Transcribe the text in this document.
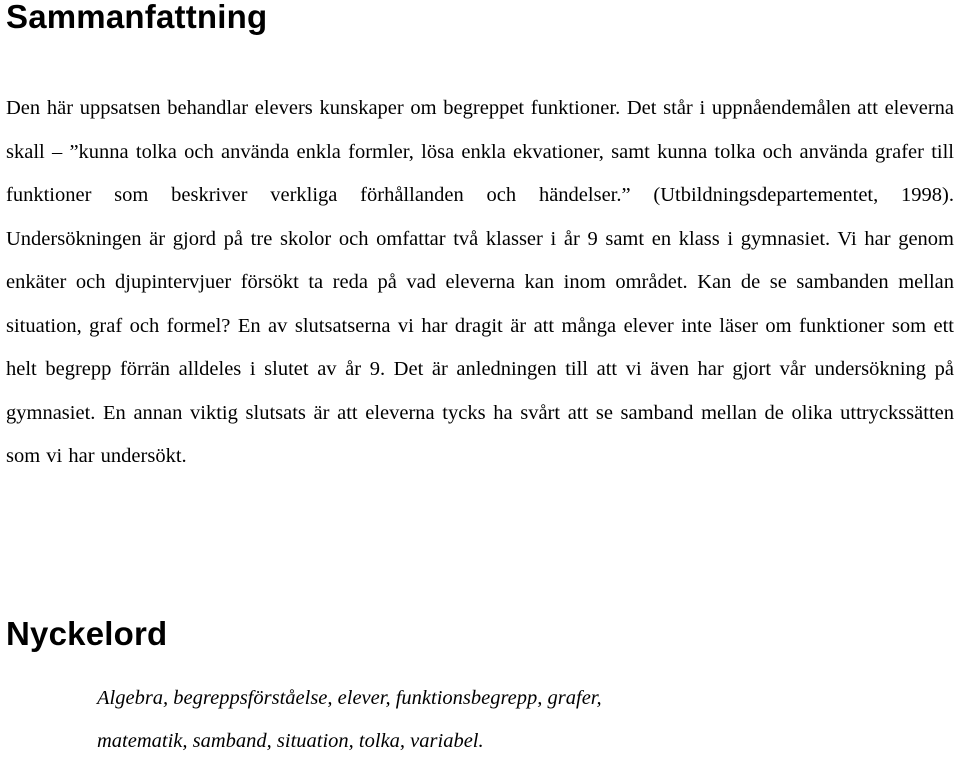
Sammanfattning

Den här uppsatsen behandlar elevers kunskaper om begreppet funktioner. Det står i uppnåendemålen att eleverna skall – ”kunna tolka och använda enkla formler, lösa enkla ekvationer, samt kunna tolka och använda grafer till funktioner som beskriver verkliga förhållanden och händelser.” (Utbildningsdepartementet, 1998). Undersökningen är gjord på tre skolor och omfattar två klasser i år 9 samt en klass i gymnasiet. Vi har genom enkäter och djupintervjuer försökt ta reda på vad eleverna kan inom området. Kan de se sambanden mellan situation, graf och formel? En av slutsatserna vi har dragit är att många elever inte läser om funktioner som ett helt begrepp förrän alldeles i slutet av år 9. Det är anledningen till att vi även har gjort vår undersökning på gymnasiet. En annan viktig slutsats är att eleverna tycks ha svårt att se samband mellan de olika uttryckssätten som vi har undersökt.

Nyckelord
Algebra, begreppsförståelse, elever, funktionsbegrepp, grafer,
matematik, samband, situation, tolka, variabel.
